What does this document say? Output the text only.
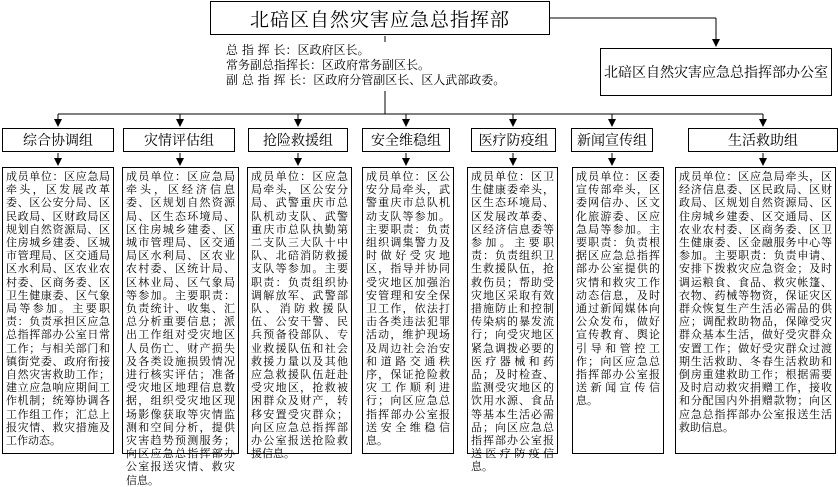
北碚区自然灾害应急总指挥部
总 指 挥 长：区政府区长。
常务副总指挥长：区政府常务副区长。
副 总 指 挥 长：区政府分管副区长、区人武部政委。	北碚区自然灾害应急总指挥部办公室
综合协调组	灾情评估组	抢险救援组	安全维稳组	医疗防疫组 新闻宣传组	生活救助组
成员单位：区应急局牵头，区发展改革委、区公安分局、区民政局、区财政局区规划自然资源局、区住房城乡建委、区城市管理局、区交通局区水利局、区农业农村委、区商务委、区卫生健康委、区气象局等参加。主要职责：负责承担区应急总指挥部办公室日常工作；与相关部门和镇街党委、政府衔接自然灾害救助工作；建立应急响应期间工作机制；统筹协调各工作组工作；汇总上报灾情、救灾措施及工作动态。
成员单位：区应急局牵头，区经济信息委、区规划自然资源局、区生态环境局、区住房城乡建委、区城市管理局、区交通局区水利局、区农业农村委、区统计局、区林业局、区气象局等参加。主要职责：负责统计、收集、汇总分析重要信息；派出工作组对受灾地区人员伤亡、财产损失及各类设施损毁情况进行核实评估；准备受灾地区地理信息数据，组织受灾地区现场影像获取等灾情监测和空间分析，提供灾害趋势预测服务；向区应急总指挥部办公室报送灾情、救灾信息。
成员单位：区应急局牵头，区公安分局、武警重庆市总队机动支队、武警重庆市总队执勤第二支队三大队十中队、北碚消防救援支队等参加。主要职责：负责组织协调解放军、武警部队、消防救援队伍、公安干警、民兵预备役部队、专业救援队伍和社会救援力量以及其他应急救援队伍赶赴受灾地区，抢救被困群众及财产，转移安置受灾群众；向区应急总指挥部办公室报送抢险救援信息。
成员单位：区公安分局牵头，武警重庆市总队机动支队等参加。主要职责：负责组织调集警力及时做好受灾地区，指导并协同受灾地区加强治安管理和安全保卫工作，依法打击各类违法犯罪活动，维护现场及周边社会治安和道路交通秩序，保证抢险救灾工作顺利进行；向区应急总指挥部办公室报送安全维稳信息。
成员单位：区卫生健康委牵头，区生态环境局、区发展改革委、区经济信息委等参加。主要职责：负责组织卫生救援队伍，抢救伤员；帮助受灾地区采取有效措施防止和控制传染病的暴发流行；向受灾地区紧急调拨必要的医疗器械和药品；及时检查、监测受灾地区的饮用水源、食品等基本生活必需品；向区应急总指挥部办公室报送医疗防疫信息。
成员单位：区委宣传部牵头，区委网信办、区文化旅游委、区应急局等参加。主要职责：负责根据区应急总指挥部办公室提供的灾情和救灾工作动态信息，及时通过新闻媒体向公众发布，做好宣传教育、舆论引导和管控工作；向区应急总指挥部办公室报送新闻宣传信息。
成员单位：区应急局牵头，区经济信息委、区民政局、区财政局、区规划自然资源局、区住房城乡建委、区交通局、区农业农村委、区商务委、区卫生健康委、区金融服务中心等参加。主要职责：负责申请、安排下拨救灾应急资金；及时调运粮食、食品、救灾帐篷、衣物、药械等物资，保证灾区群众恢复生产生活必需品的供应；调配救助物品，保障受灾群众基本生活，做好受灾群众安置工作；做好受灾群众过渡期生活救助、冬春生活救助和倒房重建救助工作；根据需要及时启动救灾捐赠工作，接收和分配国内外捐赠款物；向区应急总指挥部办公室报送生活救助信息。
